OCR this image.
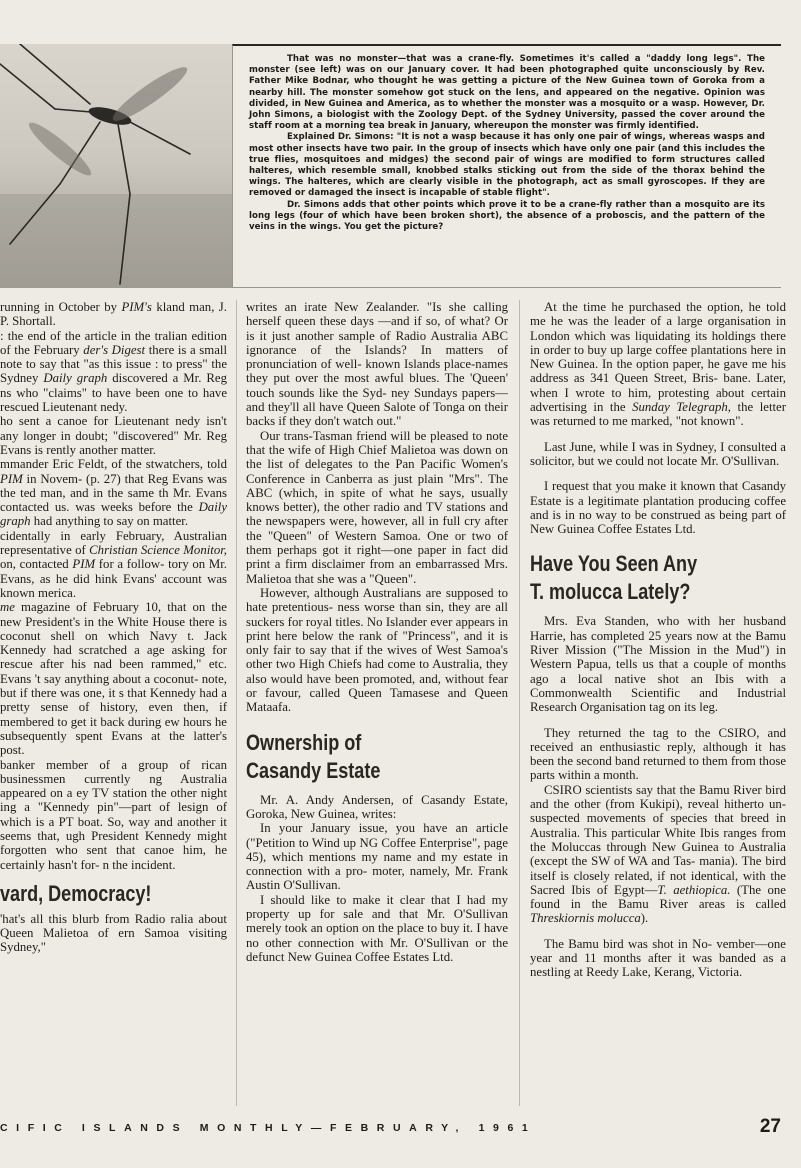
That was no monster—that was a crane-fly. Sometimes it's called a "daddy long legs". The monster (see left) was on our January cover. It had been photographed quite unconsciously by Rev. Father Mike Bodnar, who thought he was getting a picture of the New Guinea town of Goroka from a nearby hill. The monster somehow got stuck on the lens, and appeared on the negative. Opinion was divided, in New Guinea and America, as to whether the monster was a mosquito or a wasp. However, Dr. John Simons, a biologist with the Zoology Dept. of the Sydney University, passed the cover around the staff room at a morning tea break in January, whereupon the monster was firmly identified.

Explained Dr. Simons: "It is not a wasp because it has only one pair of wings, whereas wasps and most other insects have two pair. In the group of insects which have only one pair (and this includes the true flies, mosquitoes and midges) the second pair of wings are modified to form structures called halteres, which resemble small, knobbed stalks sticking out from the side of the thorax behind the wings. The halteres, which are clearly visible in the photograph, act as small gyroscopes. If they are removed or damaged the insect is incapable of stable flight".

Dr. Simons adds that other points which prove it to be a crane-fly rather than a mosquito are its long legs (four of which have been broken short), the absence of a proboscis, and the pattern of the veins in the wings. You get the picture?

running in October by PIM's kland man, J. P. Shortall.

: the end of the article in the tralian edition of the February der's Digest there is a small note to say that "as this issue : to press" the Sydney Daily graph discovered a Mr. Reg ns who "claims" to have been one to have rescued Lieutenant nedy.

ho sent a canoe for Lieutenant nedy isn't any longer in doubt; "discovered" Mr. Reg Evans is rently another matter.

mmander Eric Feldt, of the stwatchers, told PIM in Novem- (p. 27) that Reg Evans was the ted man, and in the same th Mr. Evans contacted us. was weeks before the Daily graph had anything to say on matter.

cidentally in early February, Australian representative of Christian Science Monitor, on, contacted PIM for a follow- tory on Mr. Evans, as he did hink Evans' account was known merica.

me magazine of February 10, that on the new President's in the White House there is coconut shell on which Navy t. Jack Kennedy had scratched a age asking for rescue after his nad been rammed," etc. Evans 't say anything about a coconut- note, but if there was one, it s that Kennedy had a pretty sense of history, even then, if membered to get it back during ew hours he subsequently spent Evans at the latter's post.

banker member of a group of rican businessmen currently ng Australia appeared on a ey TV station the other night ing a "Kennedy pin"—part of lesign of which is a PT boat. So, way and another it seems that, ugh President Kennedy might forgotten who sent that canoe him, he certainly hasn't for- n the incident.

vard, Democracy!

'hat's all this blurb from Radio ralia about Queen Malietoa of ern Samoa visiting Sydney,"

writes an irate New Zealander. "Is she calling herself queen these days —and if so, of what? Or is it just another sample of Radio Australia ABC ignorance of the Islands? In matters of pronunciation of well- known Islands place-names they put over the most awful blues. The 'Queen' touch sounds like the Syd- ney Sundays papers—and they'll all have Queen Salote of Tonga on their backs if they don't watch out."

Our trans-Tasman friend will be pleased to note that the wife of High Chief Malietoa was down on the list of delegates to the Pan Pacific Women's Conference in Canberra as just plain "Mrs". The ABC (which, in spite of what he says, usually knows better), the other radio and TV stations and the newspapers were, however, all in full cry after the "Queen" of Western Samoa. One or two of them perhaps got it right—one paper in fact did print a firm disclaimer from an embarrassed Mrs. Malietoa that she was a "Queen".

However, although Australians are supposed to hate pretentious- ness worse than sin, they are all suckers for royal titles. No Islander ever appears in print here below the rank of "Princess", and it is only fair to say that if the wives of West Samoa's other two High Chiefs had come to Australia, they also would have been promoted, and, without fear or favour, called Queen Tamasese and Queen Mataafa.

Ownership of
Casandy Estate

Mr. A. Andy Andersen, of Casandy Estate, Goroka, New Guinea, writes:

In your January issue, you have an article ("Petition to Wind up NG Coffee Enterprise", page 45), which mentions my name and my estate in connection with a pro- moter, namely, Mr. Frank Austin O'Sullivan.

I should like to make it clear that I had my property up for sale and that Mr. O'Sullivan merely took an option on the place to buy it. I have no other connection with Mr. O'Sullivan or the defunct New Guinea Coffee Estates Ltd.

At the time he purchased the option, he told me he was the leader of a large organisation in London which was liquidating its holdings there in order to buy up large coffee plantations here in New Guinea. In the option paper, he gave me his address as 341 Queen Street, Bris- bane. Later, when I wrote to him, protesting about certain advertising in the Sunday Telegraph, the letter was returned to me marked, "not known".

Last June, while I was in Sydney, I consulted a solicitor, but we could not locate Mr. O'Sullivan.

I request that you make it known that Casandy Estate is a legitimate plantation producing coffee and is in no way to be construed as being part of New Guinea Coffee Estates Ltd.

Have You Seen Any
T. molucca Lately?

Mrs. Eva Standen, who with her husband Harrie, has completed 25 years now at the Bamu River Mission ("The Mission in the Mud") in Western Papua, tells us that a couple of months ago a local native shot an Ibis with a Commonwealth Scientific and Industrial Research Organisation tag on its leg.

They returned the tag to the CSIRO, and received an enthusiastic reply, although it has been the second band returned to them from those parts within a month.

CSIRO scientists say that the Bamu River bird and the other (from Kukipi), reveal hitherto un- suspected movements of species that breed in Australia. This particular White Ibis ranges from the Moluccas through New Guinea to Australia (except the SW of WA and Tas- mania). The bird itself is closely related, if not identical, with the Sacred Ibis of Egypt—T. aethiopica. (The one found in the Bamu River areas is called Threskiornis molucca).

The Bamu bird was shot in No- vember—one year and 11 months after it was banded as a nestling at Reedy Lake, Kerang, Victoria.

CIFIC ISLANDS MONTHLY—FEBRUARY, 1961	27
